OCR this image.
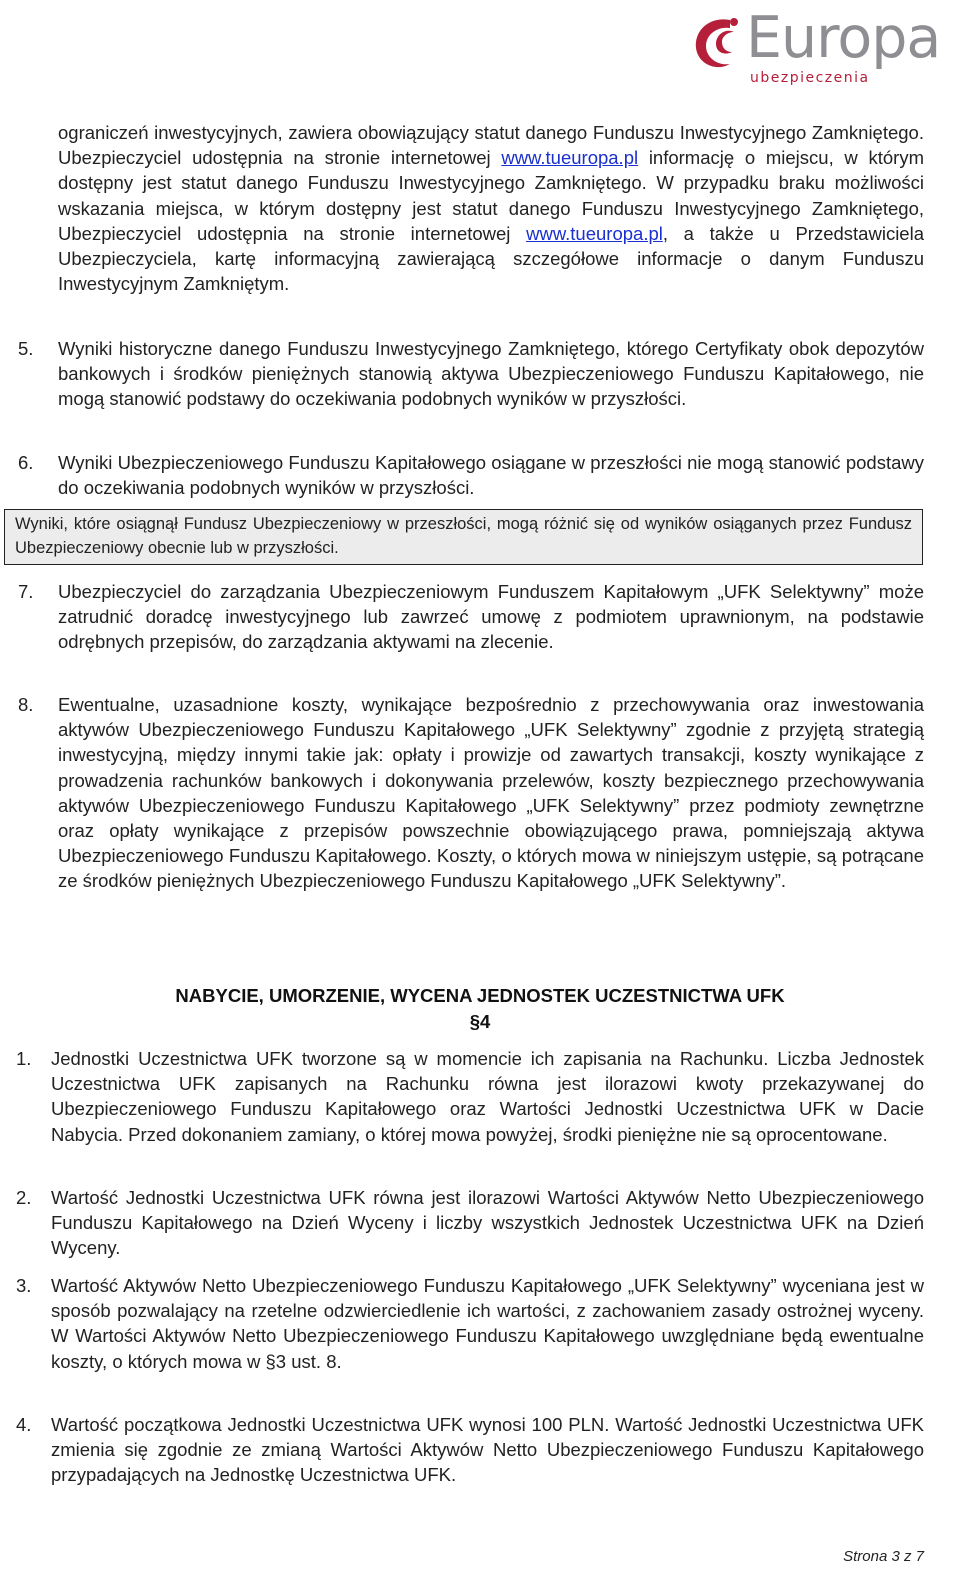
Europa
ubezpieczenia
ograniczeń inwestycyjnych, zawiera obowiązujący statut danego Funduszu Inwestycyjnego Zamkniętego. Ubezpieczyciel udostępnia na stronie internetowej www.tueuropa.pl informację o miejscu, w którym dostępny jest statut danego Funduszu Inwestycyjnego Zamkniętego. W przypadku braku możliwości wskazania miejsca, w którym dostępny jest statut danego Funduszu Inwestycyjnego Zamkniętego, Ubezpieczyciel udostępnia na stronie internetowej www.tueuropa.pl, a także u Przedstawiciela Ubezpieczyciela, kartę informacyjną zawierającą szczegółowe informacje o danym Funduszu Inwestycyjnym Zamkniętym.
5. Wyniki historyczne danego Funduszu Inwestycyjnego Zamkniętego, którego Certyfikaty obok depozytów bankowych i środków pieniężnych stanowią aktywa Ubezpieczeniowego Funduszu Kapitałowego, nie mogą stanowić podstawy do oczekiwania podobnych wyników w przyszłości.
6. Wyniki Ubezpieczeniowego Funduszu Kapitałowego osiągane w przeszłości nie mogą stanowić podstawy do oczekiwania podobnych wyników w przyszłości.
Wyniki, które osiągnął Fundusz Ubezpieczeniowy w przeszłości, mogą różnić się od wyników osiąganych przez Fundusz Ubezpieczeniowy obecnie lub w przyszłości.
7. Ubezpieczyciel do zarządzania Ubezpieczeniowym Funduszem Kapitałowym „UFK Selektywny” może zatrudnić doradcę inwestycyjnego lub zawrzeć umowę z podmiotem uprawnionym, na podstawie odrębnych przepisów, do zarządzania aktywami na zlecenie.
8. Ewentualne, uzasadnione koszty, wynikające bezpośrednio z przechowywania oraz inwestowania aktywów Ubezpieczeniowego Funduszu Kapitałowego „UFK Selektywny” zgodnie z przyjętą strategią inwestycyjną, między innymi takie jak: opłaty i prowizje od zawartych transakcji, koszty wynikające z prowadzenia rachunków bankowych i dokonywania przelewów, koszty bezpiecznego przechowywania aktywów Ubezpieczeniowego Funduszu Kapitałowego „UFK Selektywny” przez podmioty zewnętrzne oraz opłaty wynikające z przepisów powszechnie obowiązującego prawa, pomniejszają aktywa Ubezpieczeniowego Funduszu Kapitałowego. Koszty, o których mowa w niniejszym ustępie, są potrącane ze środków pieniężnych Ubezpieczeniowego Funduszu Kapitałowego „UFK Selektywny”.
NABYCIE, UMORZENIE, WYCENA JEDNOSTEK UCZESTNICTWA UFK
§4
1. Jednostki Uczestnictwa UFK tworzone są w momencie ich zapisania na Rachunku. Liczba Jednostek Uczestnictwa UFK zapisanych na Rachunku równa jest ilorazowi kwoty przekazywanej do Ubezpieczeniowego Funduszu Kapitałowego oraz Wartości Jednostki Uczestnictwa UFK w Dacie Nabycia. Przed dokonaniem zamiany, o której mowa powyżej, środki pieniężne nie są oprocentowane.
2. Wartość Jednostki Uczestnictwa UFK równa jest ilorazowi Wartości Aktywów Netto Ubezpieczeniowego Funduszu Kapitałowego na Dzień Wyceny i liczby wszystkich Jednostek Uczestnictwa UFK na Dzień Wyceny.
3. Wartość Aktywów Netto Ubezpieczeniowego Funduszu Kapitałowego „UFK Selektywny” wyceniana jest w sposób pozwalający na rzetelne odzwierciedlenie ich wartości, z zachowaniem zasady ostrożnej wyceny. W Wartości Aktywów Netto Ubezpieczeniowego Funduszu Kapitałowego uwzględniane będą ewentualne koszty, o których mowa w §3 ust. 8.
4. Wartość początkowa Jednostki Uczestnictwa UFK wynosi 100 PLN. Wartość Jednostki Uczestnictwa UFK zmienia się zgodnie ze zmianą Wartości Aktywów Netto Ubezpieczeniowego Funduszu Kapitałowego przypadających na Jednostkę Uczestnictwa UFK.
Strona 3 z 7
